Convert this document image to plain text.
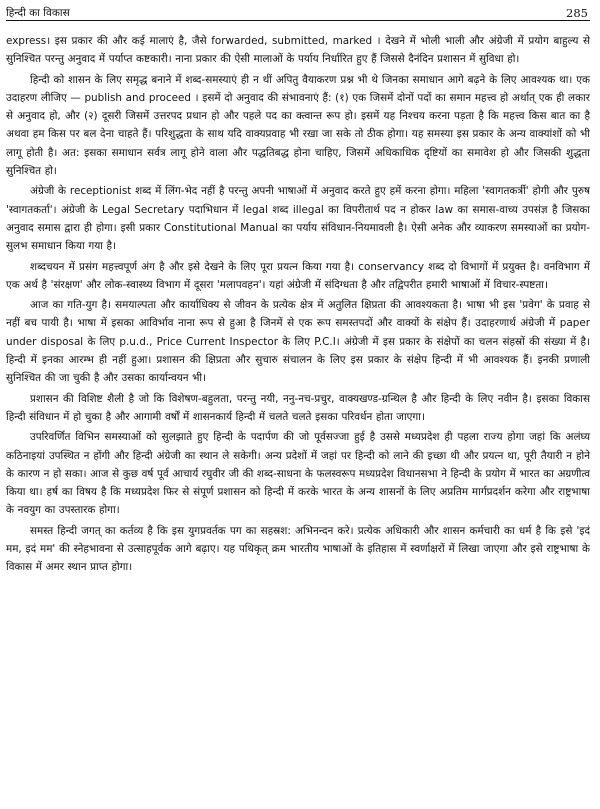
हिन्दी का विकास	285

express। इस प्रकार की और कई मालाएं है, जैसे forwarded, submitted, marked । देखने में भोली भाली और अंग्रेजी में प्रयोग बाहुल्य से सुनिश्चित परन्तु अनुवाद में पर्याप्त कष्टकारी। नाना प्रकार की ऐसी मालाओं के पर्याय निर्धारित हुए हैं जिससे दैनंदिन प्रशासन में सुविधा हो।

हिन्दी को शासन के लिए समृद्ध बनाने में शब्द-समस्याएं ही न थीं अपितु वैयाकरण प्रश्न भी थे जिनका समाधान आगे बढ़ने के लिए आवश्यक था। एक उदाहरण लीजिए — publish and proceed । इसमें दो अनुवाद की संभावनाएं हैं: (१) एक जिसमें दोनों पदों का समान महत्त्व हो अर्थात् एक ही लकार से अनुवाद हो, और (२) दूसरी जिसमें उत्तरपद प्रधान हो और पहले पद का क्त्वान्त रूप हो। इसमें यह निश्चय करना पड़ता है कि महत्त्व किस बात का है अथवा हम किस पर बल देना चाहते हैं। परिशुद्धता के साथ यदि वाक्यप्रवाह भी रखा जा सके तो ठीक होगा। यह समस्या इस प्रकार के अन्य वाक्यांशों को भी लागू होती है। अत: इसका समाधान सर्वत्र लागू होने वाला और पद्धतिबद्ध होना चाहिए, जिसमें अधिकाधिक दृष्टियों का समावेश हो और जिसकी शुद्धता सुनिश्चित हो।

अंग्रेजी के receptionist शब्द में लिंग-भेद नहीं है परन्तु अपनी भाषाओं में अनुवाद करते हुए हमें करना होगा। महिला 'स्वागतकर्त्री' होगी और पुरुष 'स्वागतकर्ता'। अंग्रेजी के Legal Secretary पदाभिधान में legal शब्द illegal का विपरीतार्थ पद न होकर law का समास-वाच्य उपसंज्ञ है जिसका अनुवाद समास द्वारा ही होगा। इसी प्रकार Constitutional Manual का पर्याय संविधान-नियमावली है। ऐसी अनेक और व्याकरण समस्याओं का प्रयोग-सुलभ समाधान किया गया है।

शब्दचयन में प्रसंग महत्त्वपूर्ण अंग है और इसे देखने के लिए पूरा प्रयत्न किया गया है। conservancy शब्द दो विभागों में प्रयुक्त है। वनविभाग में एक अर्थ है 'संरक्षण' और लोक-स्वास्थ्य विभाग में दूसरा 'मलापवहन'। यहां अंग्रेजी में संदिग्धता है और तद्विपरीत हमारी भाषाओं में विचार-स्पष्टता।

आज का गति-युग है। समयाल्पता और कार्याधिक्य से जीवन के प्रत्येक क्षेत्र में अतुलित क्षिप्रता की आवश्यकता है। भाषा भी इस 'प्रवेग' के प्रवाह से नहीं बच पायी है। भाषा में इसका आविर्भाव नाना रूप से हुआ है जिनमें से एक रूप समस्तपदों और वाक्यों के संक्षेप हैं। उदाहरणार्थ अंग्रेजी में paper under disposal के लिए p.u.d., Price Current Inspector के लिए P.C.I। अंग्रेजी में इस प्रकार के संक्षेपों का चलन संहस्रों की संख्या में है। हिन्दी में इनका आरम्भ ही नहीं हुआ। प्रशासन की क्षिप्रता और सुचारु संचालन के लिए इस प्रकार के संक्षेप हिन्दी में भी आवश्यक हैं। इनकी प्रणाली सुनिश्चित की जा चुकी है और उसका कार्यान्वयन भी।

प्रशासन की विशिष्ट शैली है जो कि विशेषण-बहुलता, परन्तु नयी, ननु-नच-प्रचुर, वाक्यखण्ड-ग्रन्थिल है और हिन्दी के लिए नवीन है। इसका विकास हिन्दी संविधान में हो चुका है और आगामी वर्षों में शासनकार्य हिन्दी में चलते चलते इसका परिवर्धन होता जाएगा।

उपरिवर्णित विभिन समस्याओं को सुलझाते हुए हिन्दी के पदार्पण की जो पूर्वसज्जा हुई है उससे मध्यप्रदेश ही पहला राज्य होगा जहां कि अलंघ्य कठिनाइयां उपस्थित न होंगी और हिन्दी अंग्रेजी का स्थान ले सकेगी। अन्य प्रदेशों में जहां पर हिन्दी को लाने की इच्छा थी और प्रयत्न था, पूरी तैयारी न होने के कारण न हो सका। आज से कुछ वर्ष पूर्व आचार्य रघुवीर जी की शब्द-साधना के फलस्वरूप मध्यप्रदेश विधानसभा ने हिन्दी के प्रयोग में भारत का अग्रणीत्व किया था। हर्ष का विषय है कि मध्यप्रदेश फिर से संपूर्ण प्रशासन को हिन्दी में करके भारत के अन्य शासनों के लिए अप्रतिम मार्गप्रदर्शन करेगा और राष्ट्रभाषा के नवयुग का उपस्तारक होगा।

समस्त हिन्दी जगत् का कर्तव्य है कि इस युगप्रवर्तक पग का सहस्रश: अभिनन्दन करे। प्रत्येक अधिकारी और शासन कर्मचारी का धर्म है कि इसे 'इदं मम, इदं मम' की स्नेहभावना से उत्साहपूर्वक आगे बढ़ाए। यह पथिकृत् क्रम भारतीय भाषाओं के इतिहास में स्वर्णाक्षरों में लिखा जाएगा और इसे राष्ट्रभाषा के विकास में अमर स्थान प्राप्त होगा।
